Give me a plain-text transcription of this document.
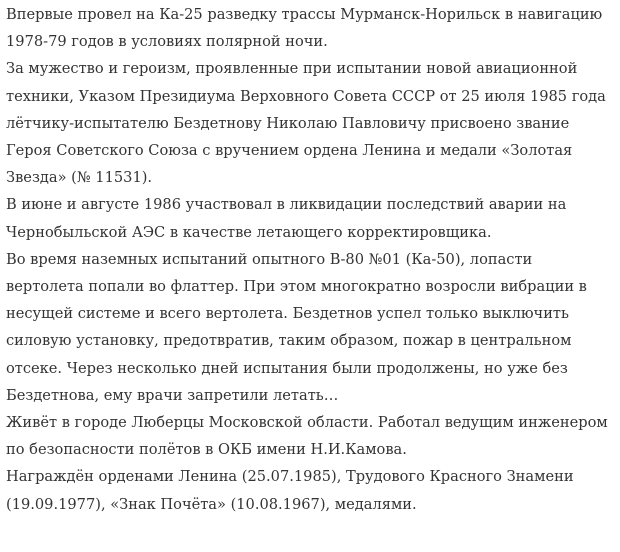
Впервые провел на Ка-25 разведку трассы Мурманск-Норильск в навигацию 1978-79 годов в условиях полярной ночи.

За мужество и героизм, проявленные при испытании новой авиационной техники, Указом Президиума Верховного Совета СССР от 25 июля 1985 года лётчику-испытателю Бездетнову Николаю Павловичу присвоено звание Героя Советского Союза с вручением ордена Ленина и медали «Золотая Звезда» (№ 11531).

В июне и августе 1986 участвовал в ликвидации последствий аварии на Чернобыльской АЭС в качестве летающего корректировщика.

Во время наземных испытаний опытного В-80 №01 (Ка-50), лопасти вертолета попали во флаттер. При этом многократно возросли вибрации в несущей системе и всего вертолета. Бездетнов успел только выключить силовую установку, предотвратив, таким образом, пожар в центральном отсеке. Через несколько дней испытания были продолжены, но уже без Бездетнова, ему врачи запретили летать…

Живёт в городе Люберцы Московской области. Работал ведущим инженером по безопасности полётов в ОКБ имени Н.И.Камова.

Награждён орденами Ленина (25.07.1985), Трудового Красного Знамени (19.09.1977), «Знак Почёта» (10.08.1967), медалями.
